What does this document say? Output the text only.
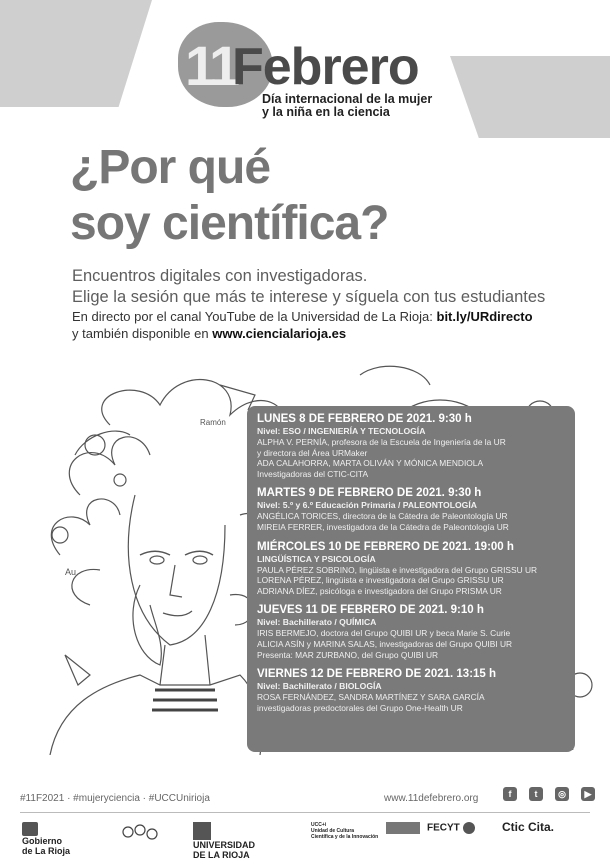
11
Febrero
Día internacional de la mujer
y la niña en la ciencia
¿Por qué
soy científica?
Encuentros digitales con investigadoras.
Elige la sesión que más te interese y síguela con tus estudiantes
En directo por el canal YouTube de la Universidad de La Rioja: bit.ly/URdirecto
y también disponible en www.ciencialarioja.es
Au
Ramón	LUNES 8 DE FEBRERO DE 2021. 9:30 h
Nivel: ESO / INGENIERÍA Y TECNOLOGÍA
ALPHA V. PERNÍA, profesora de la Escuela de Ingeniería de la UR
y directora del Área URMaker
ADA CALAHORRA, MARTA OLIVÁN Y MÓNICA MENDIOLA
Investigadoras del CTIC-CITA
MARTES 9 DE FEBRERO DE 2021. 9:30 h
Nivel: 5.º y 6.º Educación Primaria / PALEONTOLOGÍA
ANGÉLICA TORICES, directora de la Cátedra de Paleontología UR
MIREIA FERRER, investigadora de la Cátedra de Paleontología UR
MIÉRCOLES 10 DE FEBRERO DE 2021. 19:00 h
LINGÜÍSTICA Y PSICOLOGÍA
PAULA PÉREZ SOBRINO, lingüista e investigadora del Grupo GRISSU UR
LORENA PÉREZ, lingüista e investigadora del Grupo GRISSU UR
ADRIANA DÍEZ, psicóloga e investigadora del Grupo PRISMA UR
JUEVES 11 DE FEBRERO DE 2021. 9:10 h
Nivel: Bachillerato / QUÍMICA
IRIS BERMEJO, doctora del Grupo QUIBI UR y beca Marie S. Curie
ALICIA ASÍN y MARINA SALAS, investigadoras del Grupo QUIBI UR
Presenta: MAR ZURBANO, del Grupo QUIBI UR
VIERNES 12 DE FEBRERO DE 2021. 13:15 h
Nivel: Bachillerato / BIOLOGÍA
ROSA FERNÁNDEZ, SANDRA MARTÍNEZ Y SARA GARCÍA
investigadoras predoctorales del Grupo One-Health UR
#11F2021 · #mujeryciencia · #UCCUnirioja	www.11defebrero.org	f	t	◎	▶
Gobierno
de La Rioja
UNIVERSIDAD
DE LA RIOJA
UCC+i
Unidad de Cultura
Científica y de la Innovación
FECYT	Ctic Cita.
